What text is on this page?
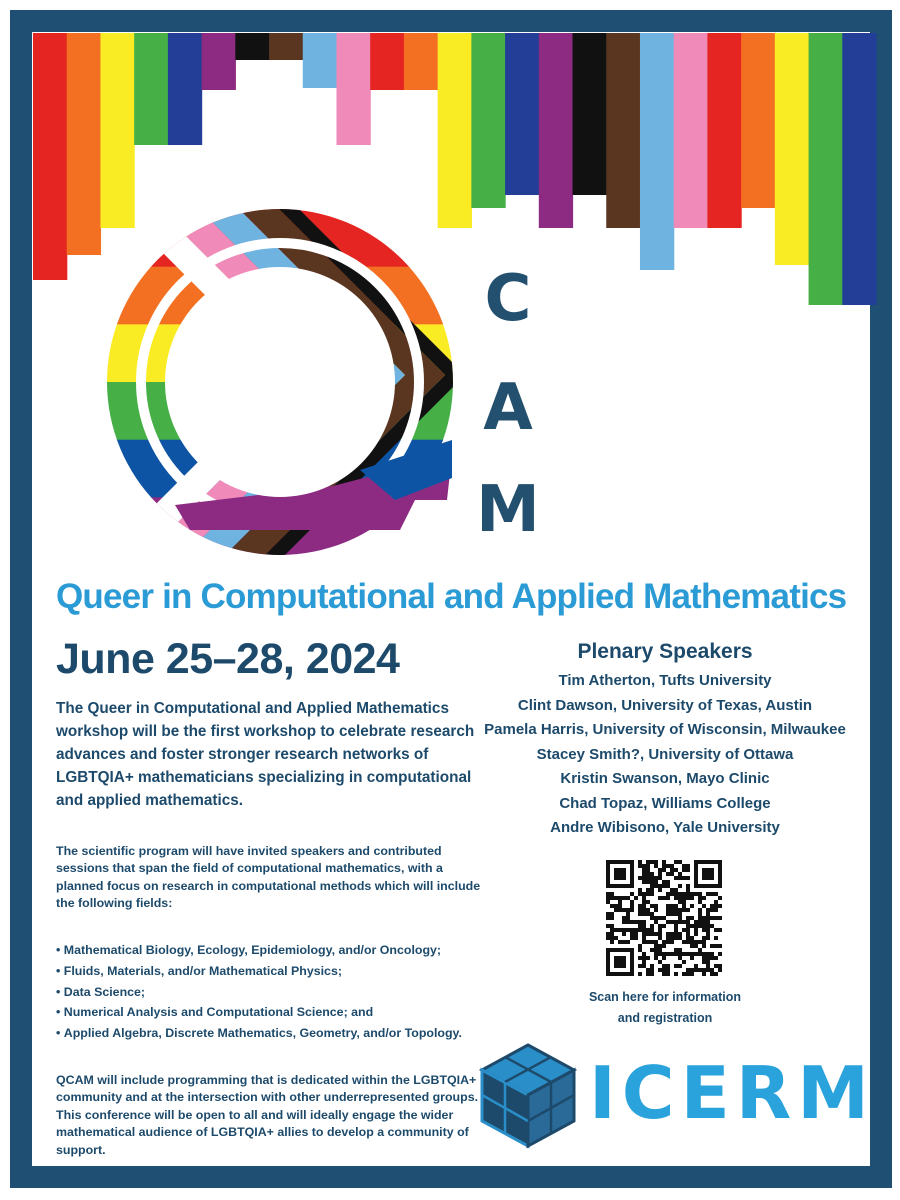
C
A
M
Queer in Computational and Applied Mathematics
June 25–28, 2024

The Queer in Computational and Applied Mathematics workshop will be the first workshop to celebrate research advances and foster stronger research networks of LGBTQIA+ mathematicians specializing in computational and applied mathematics.

The scientific program will have invited speakers and contributed sessions that span the field of computational mathematics, with a planned focus on research in computational methods which will include the following fields:

• Mathematical Biology, Ecology, Epidemiology, and/or Oncology;
• Fluids, Materials, and/or Mathematical Physics;
• Data Science;
• Numerical Analysis and Computational Science; and
• Applied Algebra, Discrete Mathematics, Geometry, and/or Topology.

QCAM will include programming that is dedicated within the LGBTQIA+ community and at the intersection with other underrepresented groups. This conference will be open to all and will ideally engage the wider mathematical audience of LGBTQIA+ allies to develop a community of support.

Plenary Speakers
Tim Atherton, Tufts University
Clint Dawson, University of Texas, Austin
Pamela Harris, University of Wisconsin, Milwaukee
Stacey Smith?, University of Ottawa
Kristin Swanson, Mayo Clinic
Chad Topaz, Williams College
Andre Wibisono, Yale University
Scan here for information
and registration
ICERM
